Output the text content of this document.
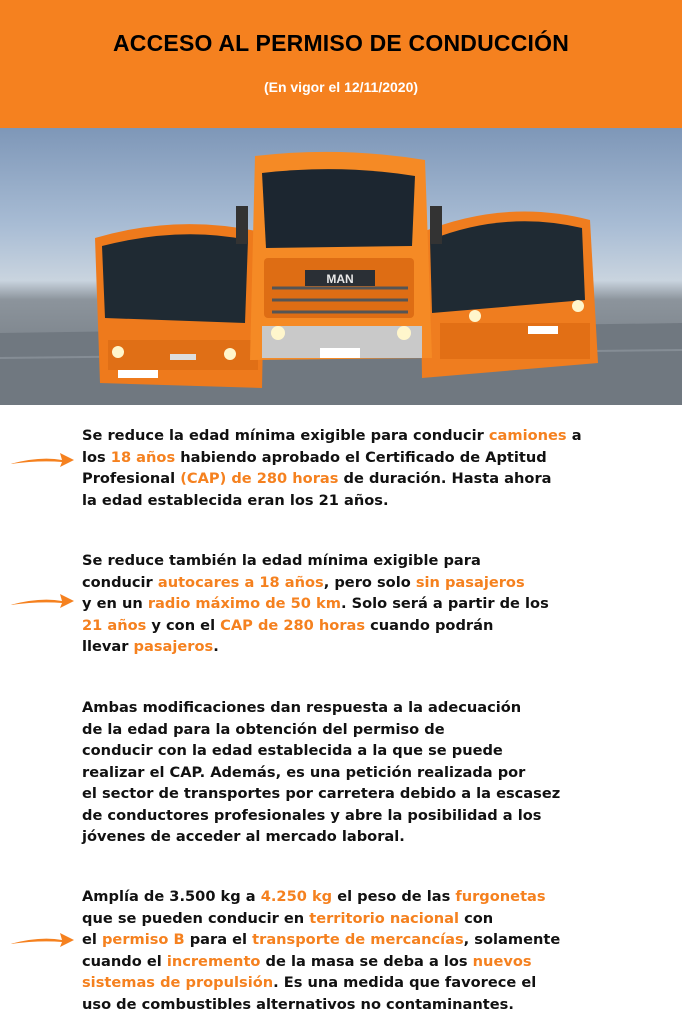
ACCESO AL PERMISO DE CONDUCCIÓN
(En vigor el 12/11/2020)
MAN
Se reduce la edad mínima exigible para conducir camiones a
los 18 años habiendo aprobado el Certificado de Aptitud
Profesional (CAP) de 280 horas de duración. Hasta ahora
la edad establecida eran los 21 años.
Se reduce también la edad mínima exigible para
conducir autocares a 18 años, pero solo sin pasajeros
y en un radio máximo de 50 km. Solo será a partir de los
21 años y con el CAP de 280 horas cuando podrán
llevar pasajeros.
Ambas modificaciones dan respuesta a la adecuación
de la edad para la obtención del permiso de
conducir con la edad establecida a la que se puede
realizar el CAP. Además, es una petición realizada por
el sector de transportes por carretera debido a la escasez
de conductores profesionales y abre la posibilidad a los
jóvenes de acceder al mercado laboral.
Amplía de 3.500 kg a 4.250 kg el peso de las furgonetas
que se pueden conducir en territorio nacional con
el permiso B para el transporte de mercancías, solamente
cuando el incremento de la masa se deba a los nuevos
sistemas de propulsión. Es una medida que favorece el
uso de combustibles alternativos no contaminantes.
